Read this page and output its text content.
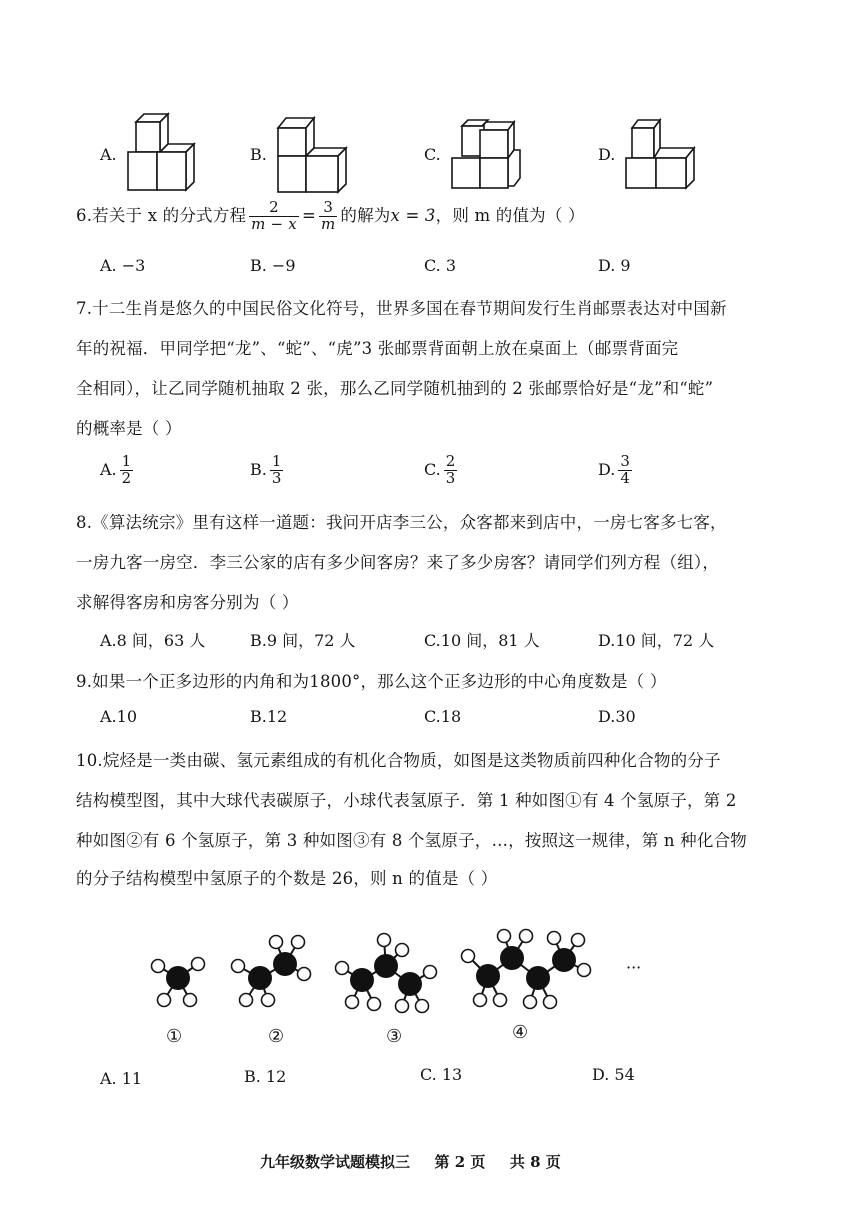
A.	B.	C.	D.
6.若关于 x 的分式方程 $\frac{2}{m - x} = \frac{3}{m}$ 的解为x = 3，则 m 的值为（ ）
A. −3	B. −9	C. 3	D. 9
7.十二生肖是悠久的中国民俗文化符号，世界多国在春节期间发行生肖邮票表达对中国新
年的祝福．甲同学把“龙”、“蛇”、“虎”3 张邮票背面朝上放在桌面上（邮票背面完
全相同），让乙同学随机抽取 2 张，那么乙同学随机抽到的 2 张邮票恰好是“龙”和“蛇”
的概率是（ ）
A. $\frac{1}{2}$	B. $\frac{1}{3}$	C. $\frac{2}{3}$	D. $\frac{3}{4}$
8.《算法统宗》里有这样一道题：我问开店李三公，众客都来到店中，一房七客多七客，
一房九客一房空．李三公家的店有多少间客房？来了多少房客？请同学们列方程（组），
求解得客房和房客分别为（ ）
A.8 间，63 人	B.9 间，72 人	C.10 间，81 人	D.10 间，72 人
9.如果一个正多边形的内角和为1800°，那么这个正多边形的中心角度数是（ ）
A.10	B.12	C.18	D.30
10.烷烃是一类由碳、氢元素组成的有机化合物质，如图是这类物质前四种化合物的分子
结构模型图，其中大球代表碳原子，小球代表氢原子．第 1 种如图①有 4 个氢原子，第 2
种如图②有 6 个氢原子，第 3 种如图③有 8 个氢原子，…，按照这一规律，第 n 种化合物
的分子结构模型中氢原子的个数是 26，则 n 的值是（ ）
···
①	②	③	④
A. 11	B. 12	C. 13	D. 54
九年级数学试题模拟三 第 2 页 共 8 页
